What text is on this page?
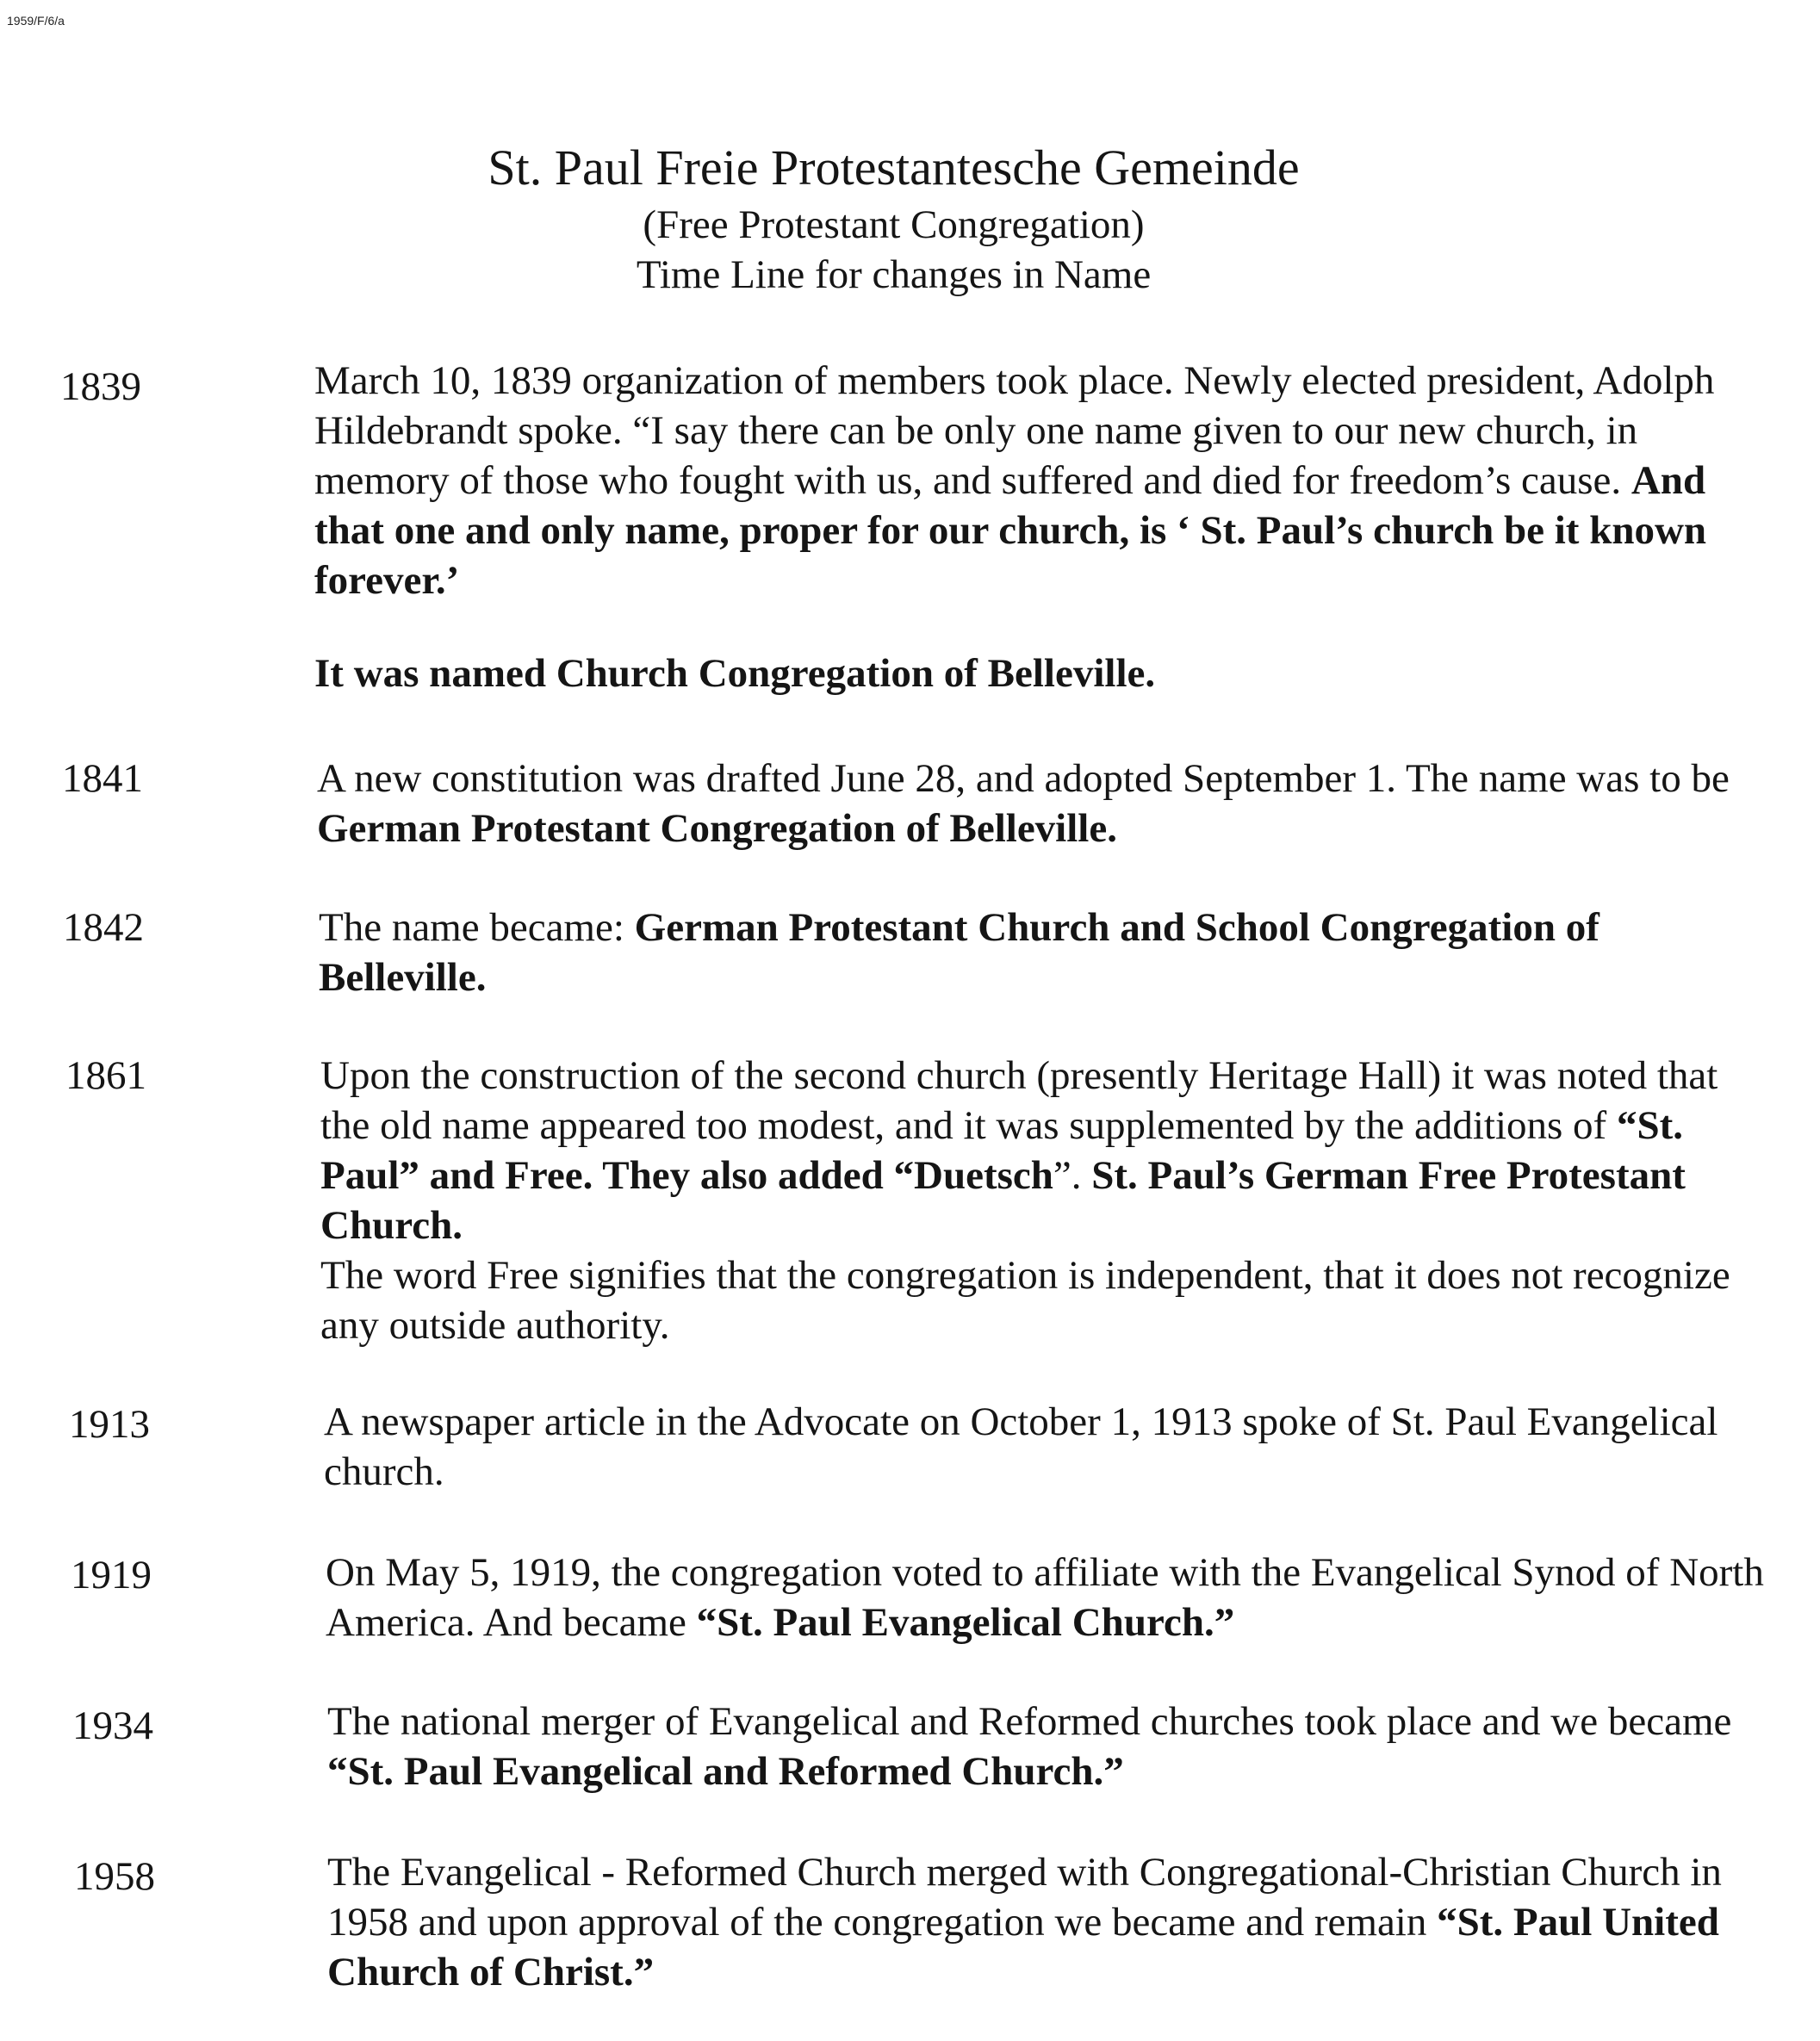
1959/F/6/a
St. Paul Freie Protestantesche Gemeinde
(Free Protestant Congregation)
Time Line for changes in Name
1839	March 10, 1839 organization of members took place. Newly elected president, Adolph Hildebrandt spoke. “I say there can be only one name given to our new church, in memory of those who fought with us, and suffered and died for freedom’s cause. And that one and only name, proper for our church, is ‘ St. Paul’s church be it known forever.’
It was named Church Congregation of Belleville.
1841	A new constitution was drafted June 28, and adopted September 1. The name was to be German Protestant Congregation of Belleville.
1842	The name became: German Protestant Church and School Congregation of Belleville.
1861	Upon the construction of the second church (presently Heritage Hall) it was noted that the old name appeared too modest, and it was supplemented by the additions of “St. Paul” and Free. They also added “Duetsch”. St. Paul’s German Free Protestant Church.
The word Free signifies that the congregation is independent, that it does not recognize any outside authority.
1913	A newspaper article in the Advocate on October 1, 1913 spoke of St. Paul Evangelical church.
1919	On May 5, 1919, the congregation voted to affiliate with the Evangelical Synod of North America. And became “St. Paul Evangelical Church.”
1934	The national merger of Evangelical and Reformed churches took place and we became “St. Paul Evangelical and Reformed Church.”
1958	The Evangelical - Reformed Church merged with Congregational-Christian Church in 1958 and upon approval of the congregation we became and remain “St. Paul United Church of Christ.”
